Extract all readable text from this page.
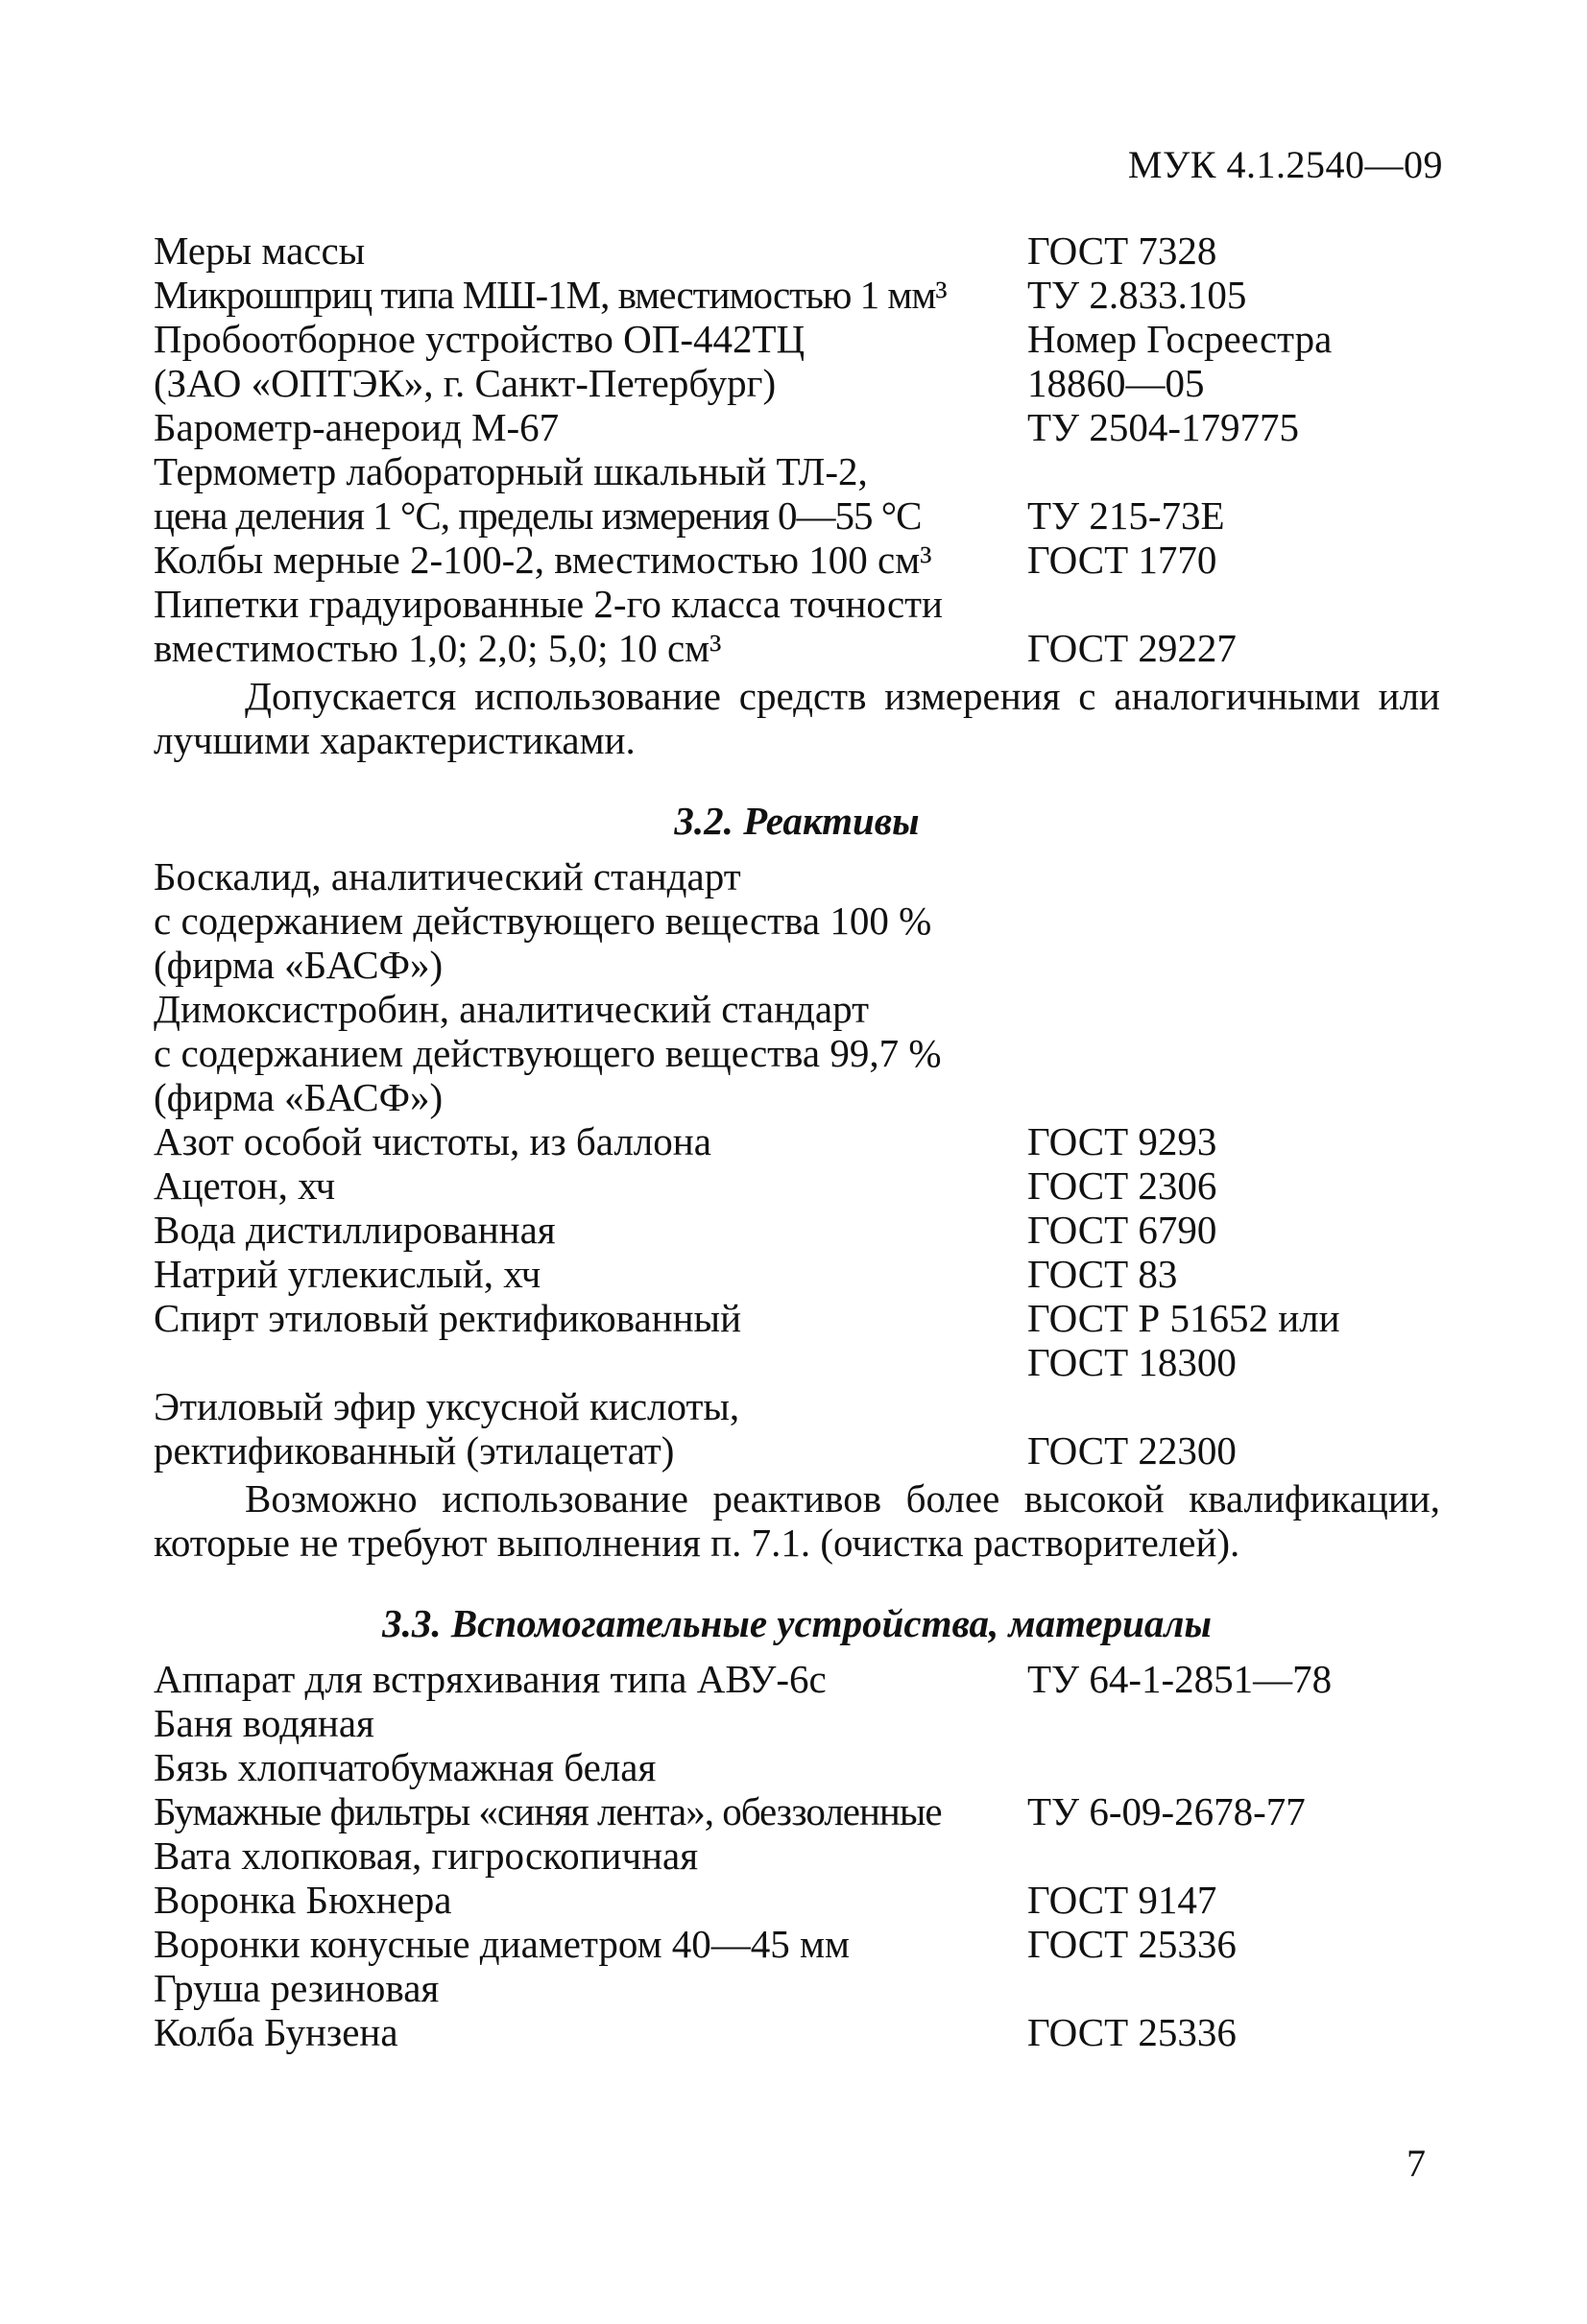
МУК 4.1.2540—09
Меры массы	ГОСТ 7328
Микрошприц типа МШ-1М, вместимостью 1 мм³	ТУ 2.833.105
Пробоотборное устройство ОП-442ТЦ	Номер Госреестра
(ЗАО «ОПТЭК», г. Санкт-Петербург)	18860—05
Барометр-анероид М-67	ТУ 2504-179775
Термометр лабораторный шкальный ТЛ-2,
цена деления 1 °С, пределы измерения 0—55 °С	ТУ 215-73Е
Колбы мерные 2-100-2, вместимостью 100 см³	ГОСТ 1770
Пипетки градуированные 2-го класса точности
вместимостью 1,0; 2,0; 5,0; 10 см³	ГОСТ 29227

Допускается использование средств измерения с аналогичными или лучшими характеристиками.

3.2. Реактивы
Боскалид, аналитический стандарт
с содержанием действующего вещества 100 %
(фирма «БАСФ»)
Димоксистробин, аналитический стандарт
с содержанием действующего вещества 99,7 %
(фирма «БАСФ»)
Азот особой чистоты, из баллона	ГОСТ 9293
Ацетон, хч	ГОСТ 2306
Вода дистиллированная	ГОСТ 6790
Натрий углекислый, хч	ГОСТ 83
Спирт этиловый ректификованный	ГОСТ Р 51652 или
ГОСТ 18300
Этиловый эфир уксусной кислоты,
ректификованный (этилацетат)	ГОСТ 22300

Возможно использование реактивов более высокой квалификации, которые не требуют выполнения п. 7.1. (очистка растворителей).

3.3. Вспомогательные устройства, материалы
Аппарат для встряхивания типа АВУ-6с	ТУ 64-1-2851—78
Баня водяная
Бязь хлопчатобумажная белая
Бумажные фильтры «синяя лента», обеззоленные	ТУ 6-09-2678-77
Вата хлопковая, гигроскопичная
Воронка Бюхнера	ГОСТ 9147
Воронки конусные диаметром 40—45 мм	ГОСТ 25336
Груша резиновая
Колба Бунзена	ГОСТ 25336
7
